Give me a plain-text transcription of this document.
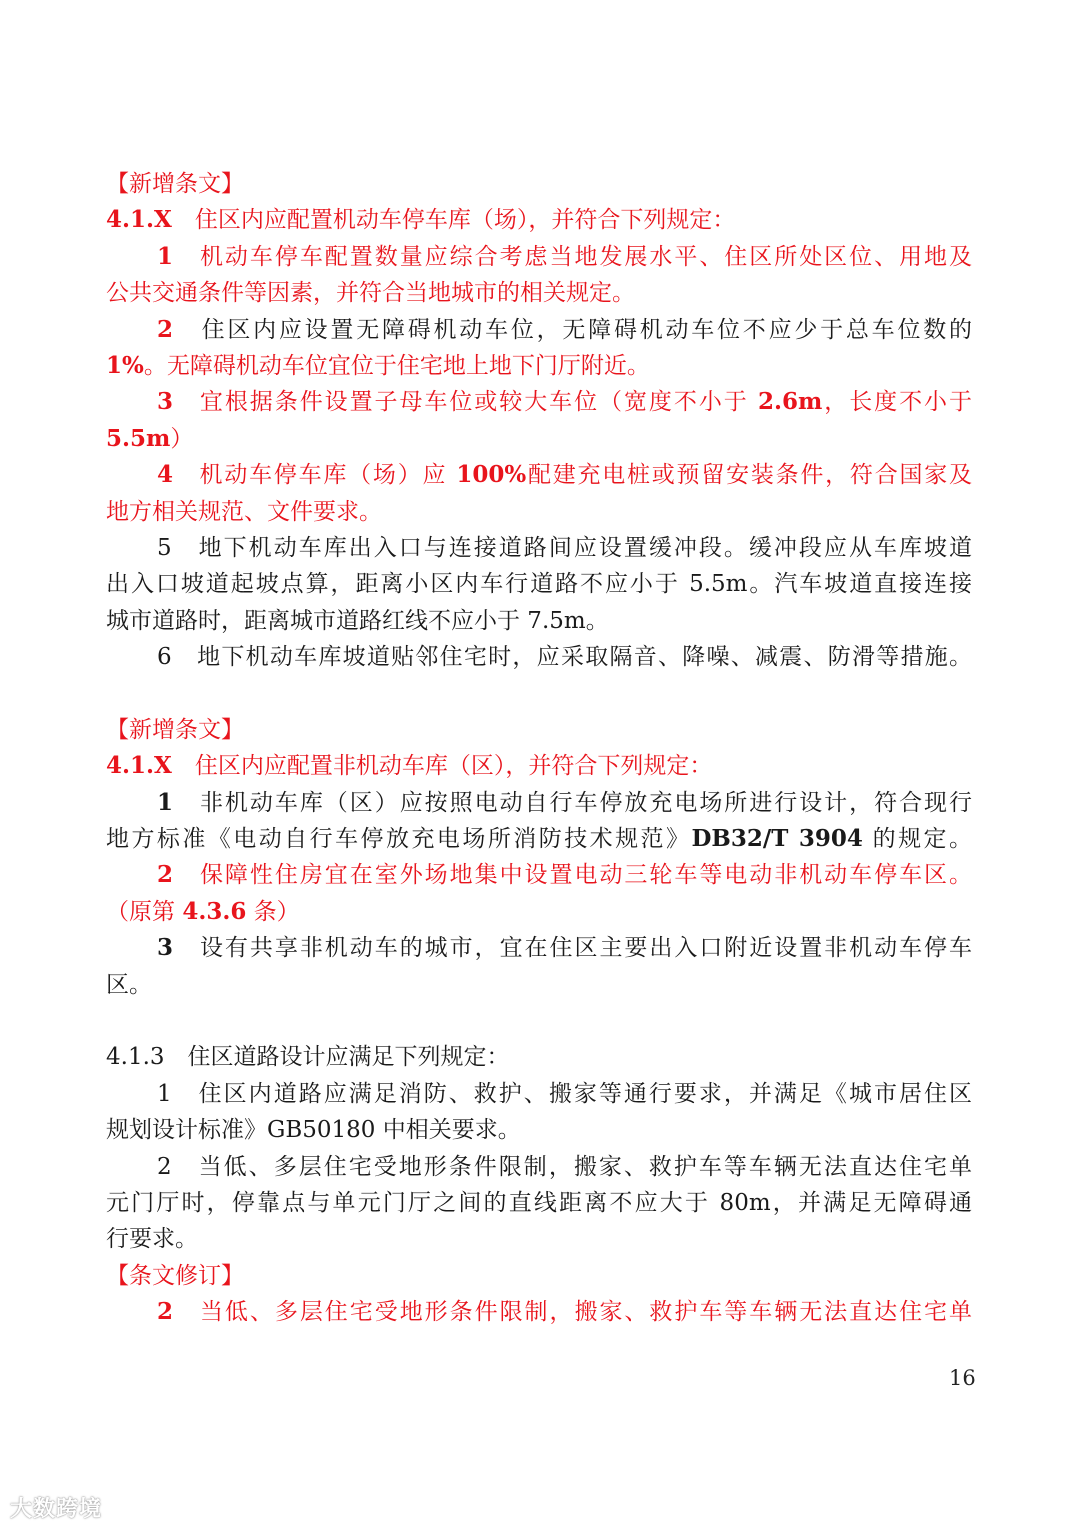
【新增条文】
4.1.X　住区内应配置机动车停车库（场），并符合下列规定：
1　机动车停车配置数量应综合考虑当地发展水平、住区所处区位、用地及
公共交通条件等因素，并符合当地城市的相关规定。
2　住区内应设置无障碍机动车位，无障碍机动车位不应少于总车位数的
1%。无障碍机动车位宜位于住宅地上地下门厅附近。
3　宜根据条件设置子母车位或较大车位（宽度不小于 2.6m，长度不小于
5.5m）
4　机动车停车库（场）应 100%配建充电桩或预留安装条件，符合国家及
地方相关规范、文件要求。
5　地下机动车库出入口与连接道路间应设置缓冲段。缓冲段应从车库坡道
出入口坡道起坡点算，距离小区内车行道路不应小于 5.5m。汽车坡道直接连接
城市道路时，距离城市道路红线不应小于 7.5m。
6　地下机动车库坡道贴邻住宅时，应采取隔音、降噪、减震、防滑等措施。
【新增条文】
4.1.X　住区内应配置非机动车库（区），并符合下列规定：
1　非机动车库（区）应按照电动自行车停放充电场所进行设计，符合现行
地方标准《电动自行车停放充电场所消防技术规范》DB32/T 3904 的规定。
2　保障性住房宜在室外场地集中设置电动三轮车等电动非机动车停车区。
（原第 4.3.6 条）
3　设有共享非机动车的城市，宜在住区主要出入口附近设置非机动车停车
区。
4.1.3　住区道路设计应满足下列规定：
1　住区内道路应满足消防、救护、搬家等通行要求，并满足《城市居住区
规划设计标准》GB50180 中相关要求。
2　当低、多层住宅受地形条件限制，搬家、救护车等车辆无法直达住宅单
元门厅时，停靠点与单元门厅之间的直线距离不应大于 80m，并满足无障碍通
行要求。
【条文修订】
2　当低、多层住宅受地形条件限制，搬家、救护车等车辆无法直达住宅单
16
大数跨境
